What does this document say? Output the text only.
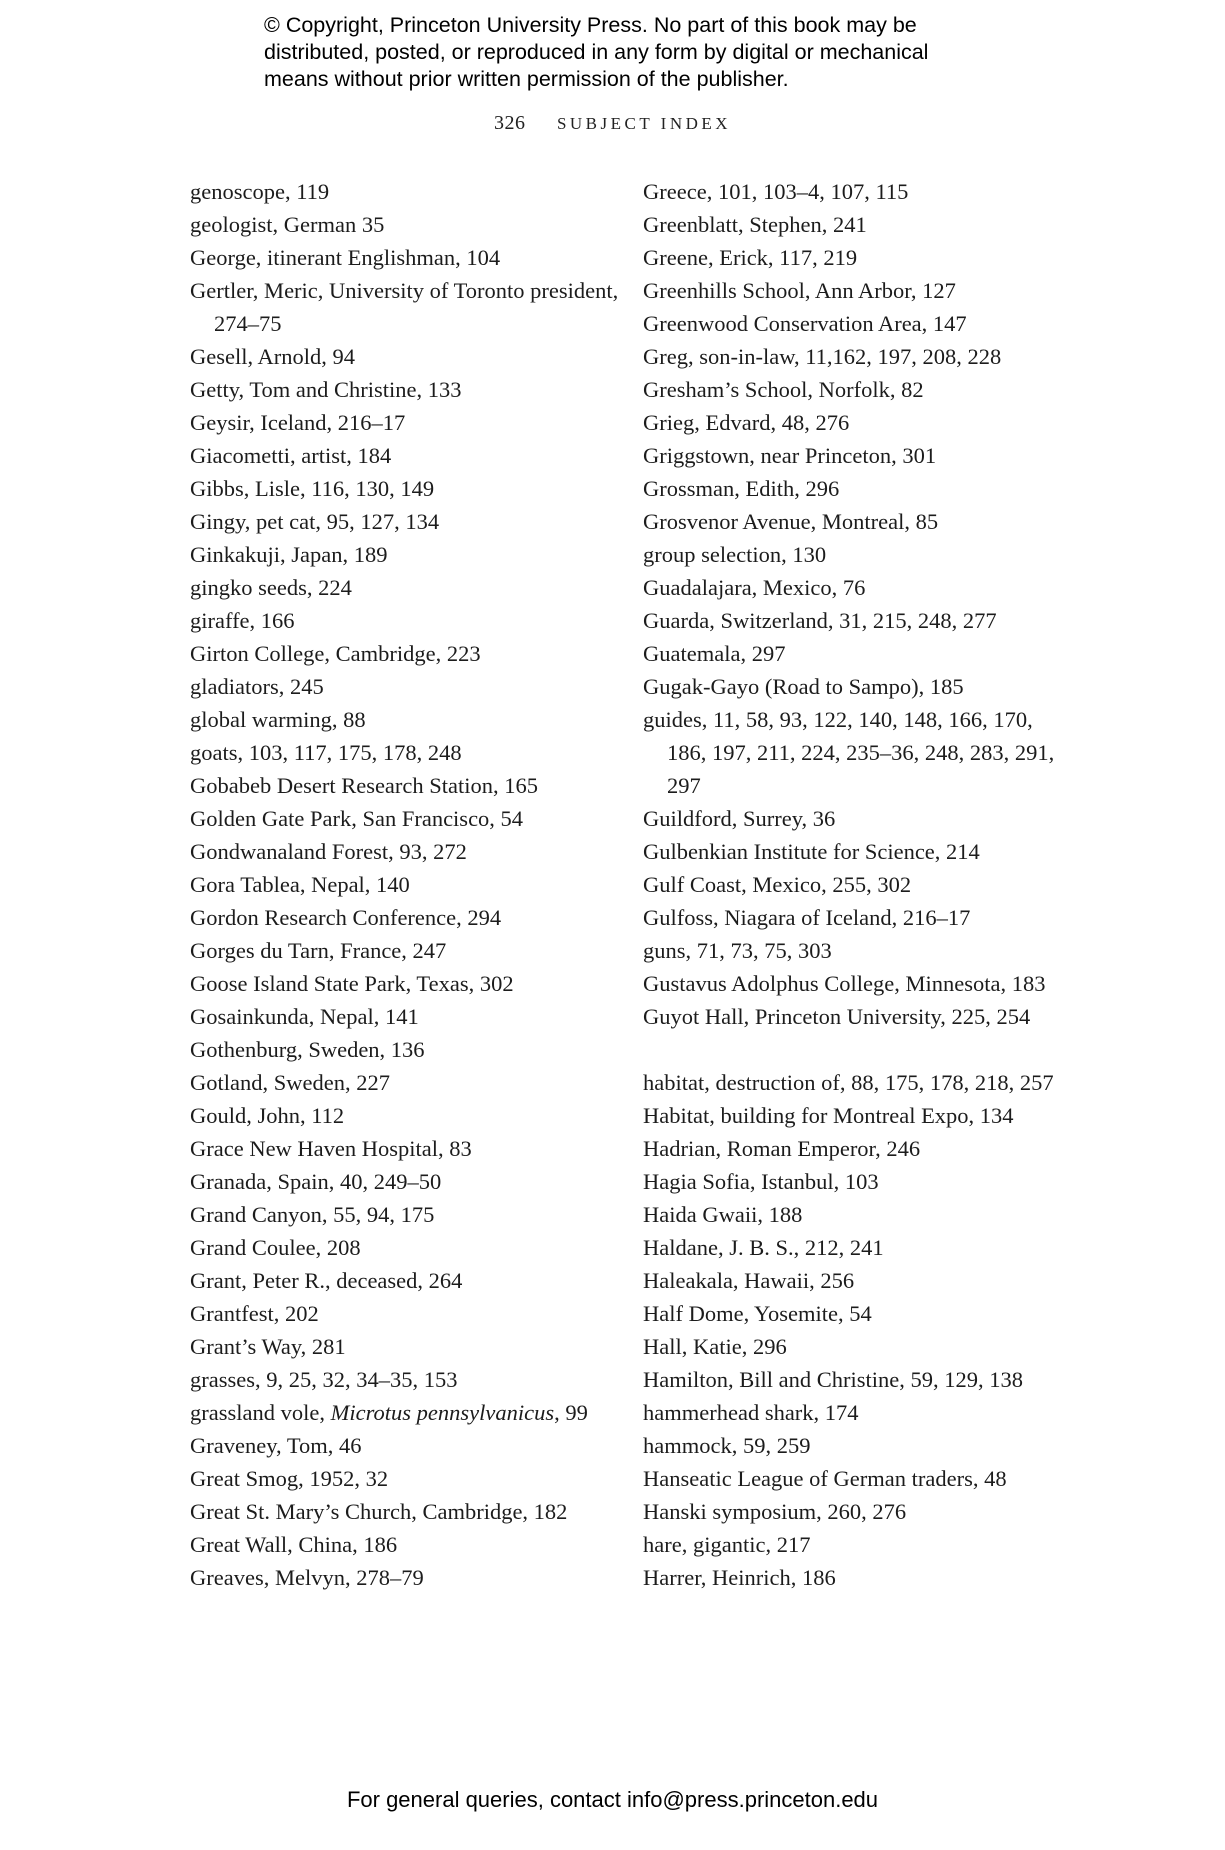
© Copyright, Princeton University Press. No part of this book may be
distributed, posted, or reproduced in any form by digital or mechanical
means without prior written permission of the publisher.
326 SUBJECT INDEX
genoscope, 119
geologist, German 35
George, itinerant Englishman, 104
Gertler, Meric, University of Toronto president, 274–75
Gesell, Arnold, 94
Getty, Tom and Christine, 133
Geysir, Iceland, 216–17
Giacometti, artist, 184
Gibbs, Lisle, 116, 130, 149
Gingy, pet cat, 95, 127, 134
Ginkakuji, Japan, 189
gingko seeds, 224
giraffe, 166
Girton College, Cambridge, 223
gladiators, 245
global warming, 88
goats, 103, 117, 175, 178, 248
Gobabeb Desert Research Station, 165
Golden Gate Park, San Francisco, 54
Gondwanaland Forest, 93, 272
Gora Tablea, Nepal, 140
Gordon Research Conference, 294
Gorges du Tarn, France, 247
Goose Island State Park, Texas, 302
Gosainkunda, Nepal, 141
Gothenburg, Sweden, 136
Gotland, Sweden, 227
Gould, John, 112
Grace New Haven Hospital, 83
Granada, Spain, 40, 249–50
Grand Canyon, 55, 94, 175
Grand Coulee, 208
Grant, Peter R., deceased, 264
Grantfest, 202
Grant’s Way, 281
grasses, 9, 25, 32, 34–35, 153
grassland vole, Microtus pennsylvanicus, 99
Graveney, Tom, 46
Great Smog, 1952, 32
Great St. Mary’s Church, Cambridge, 182
Great Wall, China, 186
Greaves, Melvyn, 278–79
Greece, 101, 103–4, 107, 115
Greenblatt, Stephen, 241
Greene, Erick, 117, 219
Greenhills School, Ann Arbor, 127
Greenwood Conservation Area, 147
Greg, son-in-law, 11,162, 197, 208, 228
Gresham’s School, Norfolk, 82
Grieg, Edvard, 48, 276
Griggstown, near Princeton, 301
Grossman, Edith, 296
Grosvenor Avenue, Montreal, 85
group selection, 130
Guadalajara, Mexico, 76
Guarda, Switzerland, 31, 215, 248, 277
Guatemala, 297
Gugak-Gayo (Road to Sampo), 185
guides, 11, 58, 93, 122, 140, 148, 166, 170, 186, 197, 211, 224, 235–36, 248, 283, 291, 297
Guildford, Surrey, 36
Gulbenkian Institute for Science, 214
Gulf Coast, Mexico, 255, 302
Gulfoss, Niagara of Iceland, 216–17
guns, 71, 73, 75, 303
Gustavus Adolphus College, Minnesota, 183
Guyot Hall, Princeton University, 225, 254
habitat, destruction of, 88, 175, 178, 218, 257
Habitat, building for Montreal Expo, 134
Hadrian, Roman Emperor, 246
Hagia Sofia, Istanbul, 103
Haida Gwaii, 188
Haldane, J. B. S., 212, 241
Haleakala, Hawaii, 256
Half Dome, Yosemite, 54
Hall, Katie, 296
Hamilton, Bill and Christine, 59, 129, 138
hammerhead shark, 174
hammock, 59, 259
Hanseatic League of German traders, 48
Hanski symposium, 260, 276
hare, gigantic, 217
Harrer, Heinrich, 186
For general queries, contact info@press.princeton.edu
